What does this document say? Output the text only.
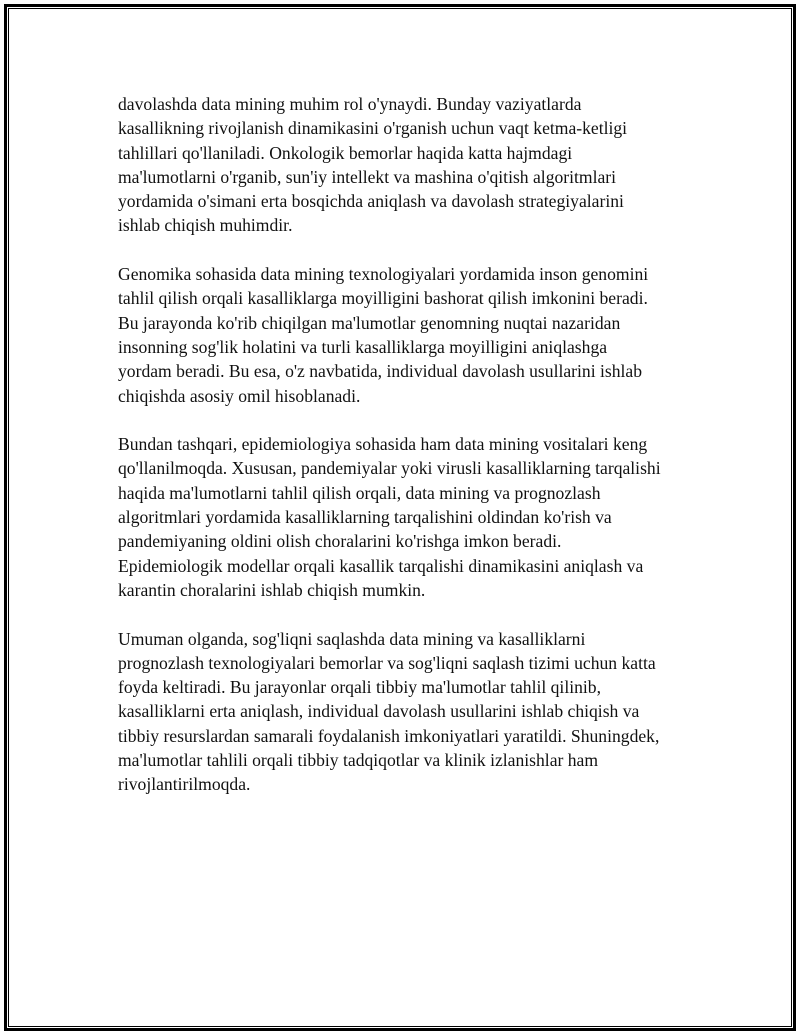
davolashda data mining muhim rol o'ynaydi. Bunday vaziyatlarda
kasallikning rivojlanish dinamikasini o'rganish uchun vaqt ketma-ketligi
tahlillari qo'llaniladi. Onkologik bemorlar haqida katta hajmdagi
ma'lumotlarni o'rganib, sun'iy intellekt va mashina o'qitish algoritmlari
yordamida o'simani erta bosqichda aniqlash va davolash strategiyalarini
ishlab chiqish muhimdir.

Genomika sohasida data mining texnologiyalari yordamida inson genomini
tahlil qilish orqali kasalliklarga moyilligini bashorat qilish imkonini beradi.
Bu jarayonda ko'rib chiqilgan ma'lumotlar genomning nuqtai nazaridan
insonning sog'lik holatini va turli kasalliklarga moyilligini aniqlashga
yordam beradi. Bu esa, o'z navbatida, individual davolash usullarini ishlab
chiqishda asosiy omil hisoblanadi.

Bundan tashqari, epidemiologiya sohasida ham data mining vositalari keng
qo'llanilmoqda. Xususan, pandemiyalar yoki virusli kasalliklarning tarqalishi
haqida ma'lumotlarni tahlil qilish orqali, data mining va prognozlash
algoritmlari yordamida kasalliklarning tarqalishini oldindan ko'rish va
pandemiyaning oldini olish choralarini ko'rishga imkon beradi.
Epidemiologik modellar orqali kasallik tarqalishi dinamikasini aniqlash va
karantin choralarini ishlab chiqish mumkin.

Umuman olganda, sog'liqni saqlashda data mining va kasalliklarni
prognozlash texnologiyalari bemorlar va sog'liqni saqlash tizimi uchun katta
foyda keltiradi. Bu jarayonlar orqali tibbiy ma'lumotlar tahlil qilinib,
kasalliklarni erta aniqlash, individual davolash usullarini ishlab chiqish va
tibbiy resurslardan samarali foydalanish imkoniyatlari yaratildi. Shuningdek,
ma'lumotlar tahlili orqali tibbiy tadqiqotlar va klinik izlanishlar ham
rivojlantirilmoqda.
